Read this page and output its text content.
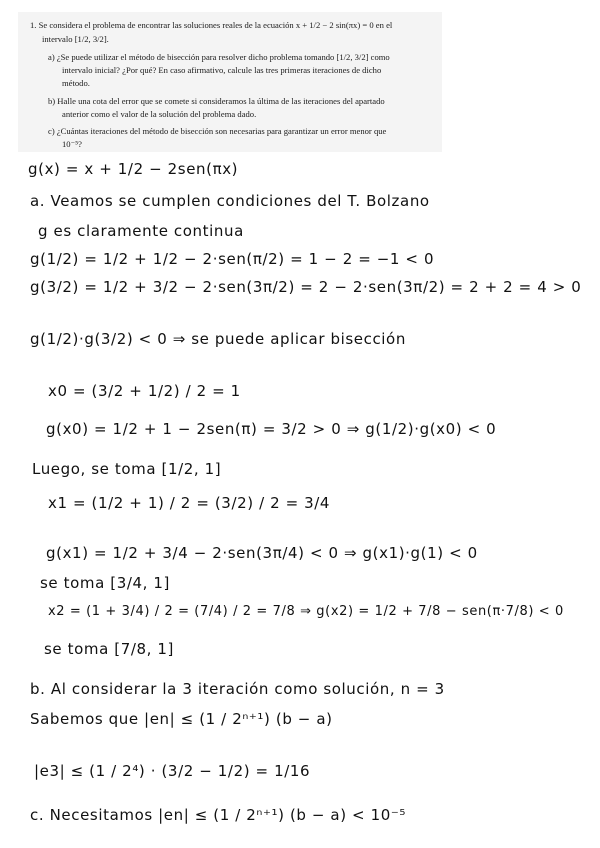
1. Se considera el problema de encontrar las soluciones reales de la ecuación x + 1/2 − 2 sin(πx) = 0 en el
intervalo [1/2, 3/2].
a) ¿Se puede utilizar el método de bisección para resolver dicho problema tomando [1/2, 3/2] como
intervalo inicial? ¿Por qué? En caso afirmativo, calcule las tres primeras iteraciones de dicho
método.
b) Halle una cota del error que se comete si consideramos la última de las iteraciones del apartado
anterior como el valor de la solución del problema dado.
c) ¿Cuántas iteraciones del método de bisección son necesarias para garantizar un error menor que
10⁻⁵?
g(x) = x + 1/2 − 2sen(πx)
a. Veamos se cumplen condiciones del T. Bolzano
g es claramente continua
g(1/2) = 1/2 + 1/2 − 2·sen(π/2) = 1 − 2 = −1 < 0
g(3/2) = 1/2 + 3/2 − 2·sen(3π/2) = 2 − 2·sen(3π/2) = 2 + 2 = 4 > 0
g(1/2)·g(3/2) < 0 ⇒ se puede aplicar bisección
x0 = (3/2 + 1/2) / 2 = 1
g(x0) = 1/2 + 1 − 2sen(π) = 3/2 > 0 ⇒ g(1/2)·g(x0) < 0
Luego, se toma [1/2, 1]
x1 = (1/2 + 1) / 2 = (3/2) / 2 = 3/4
g(x1) = 1/2 + 3/4 − 2·sen(3π/4) < 0 ⇒ g(x1)·g(1) < 0
se toma [3/4, 1]
x2 = (1 + 3/4) / 2 = (7/4) / 2 = 7/8 ⇒ g(x2) = 1/2 + 7/8 − sen(π·7/8) < 0
se toma [7/8, 1]
b. Al considerar la 3 iteración como solución, n = 3
Sabemos que |en| ≤ (1 / 2ⁿ⁺¹) (b − a)
|e3| ≤ (1 / 2⁴) · (3/2 − 1/2) = 1/16
c. Necesitamos |en| ≤ (1 / 2ⁿ⁺¹) (b − a) < 10⁻⁵
